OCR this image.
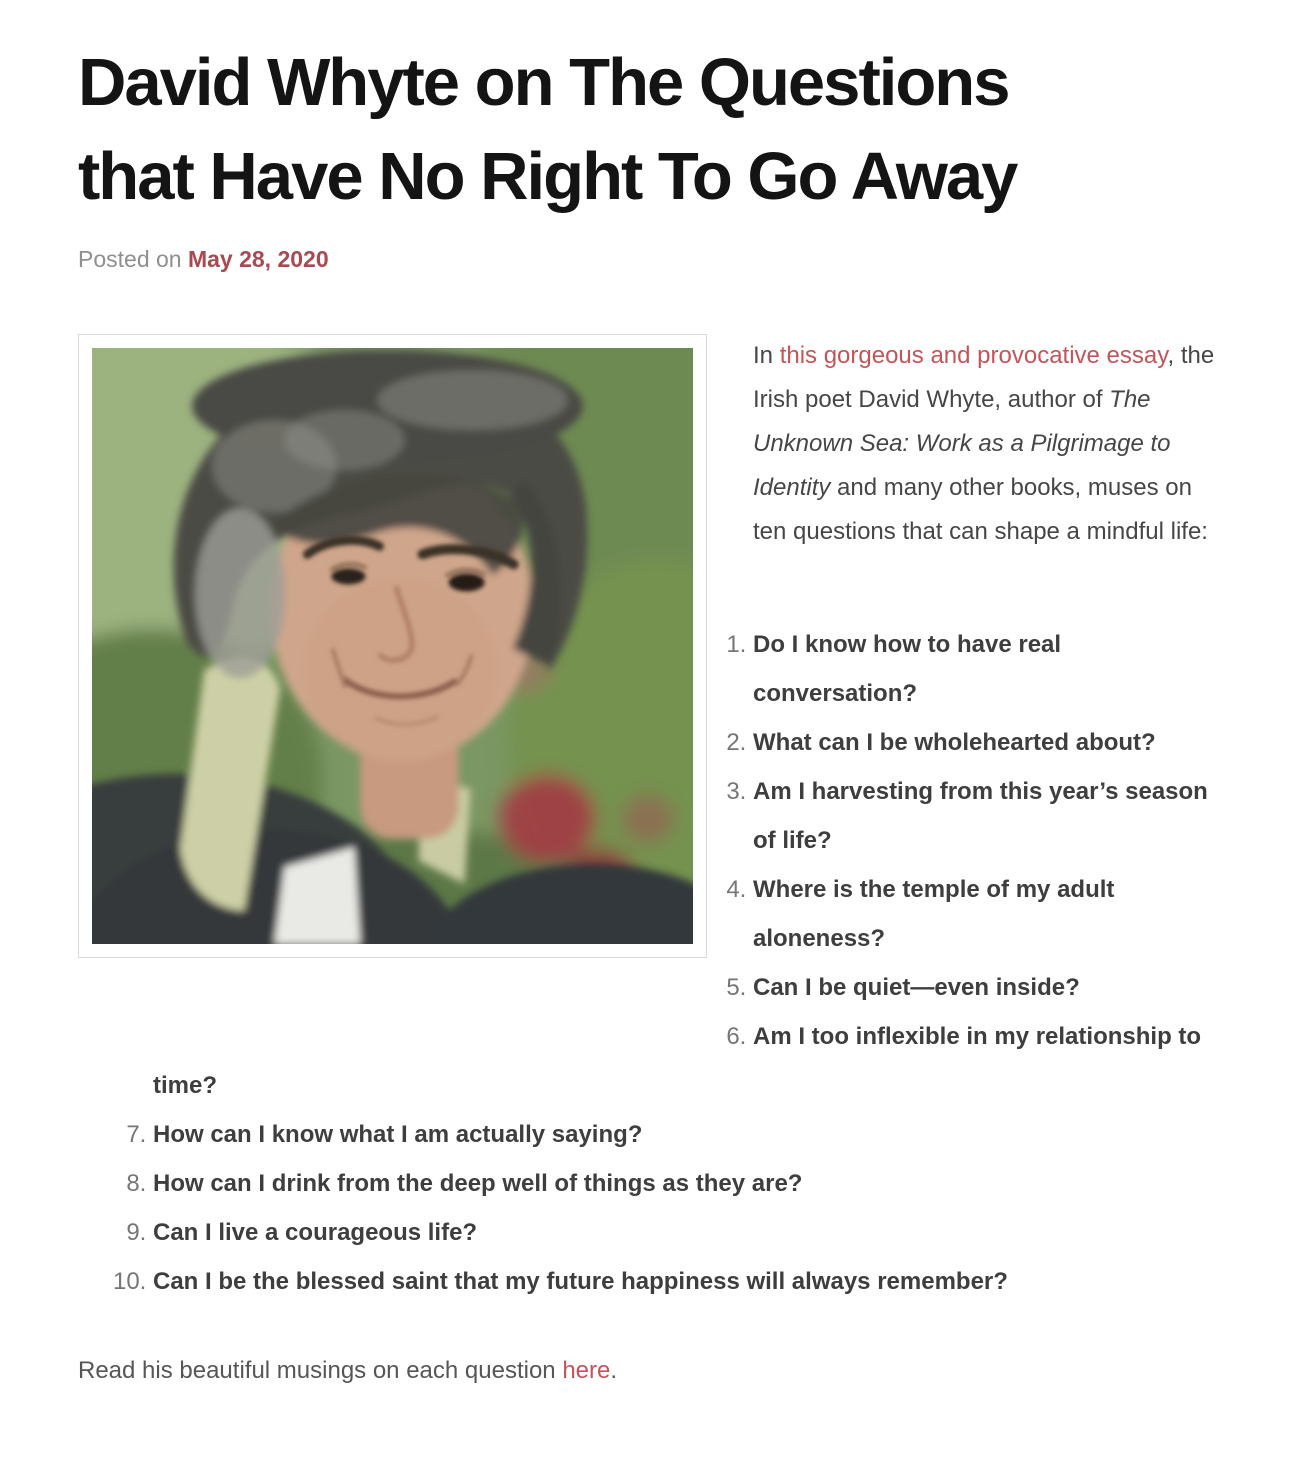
David Whyte on The Questions
that Have No Right To Go Away

Posted on May 28, 2020

In this gorgeous and provocative essay, the Irish poet David Whyte, author of The Unknown Sea: Work as a Pilgrimage to Identity and many other books, muses on ten questions that can shape a mindful life:

1. Do I know how to have real conversation?
2. What can I be wholehearted about?
3. Am I harvesting from this year’s season of life?
4. Where is the temple of my adult aloneness?
5. Can I be quiet—even inside?
6. Am I too inflexible in my relationship to time?
7. How can I know what I am actually saying?
8. How can I drink from the deep well of things as they are?
9. Can I live a courageous life?
10. Can I be the blessed saint that my future happiness will always remember?

Read his beautiful musings on each question here.
